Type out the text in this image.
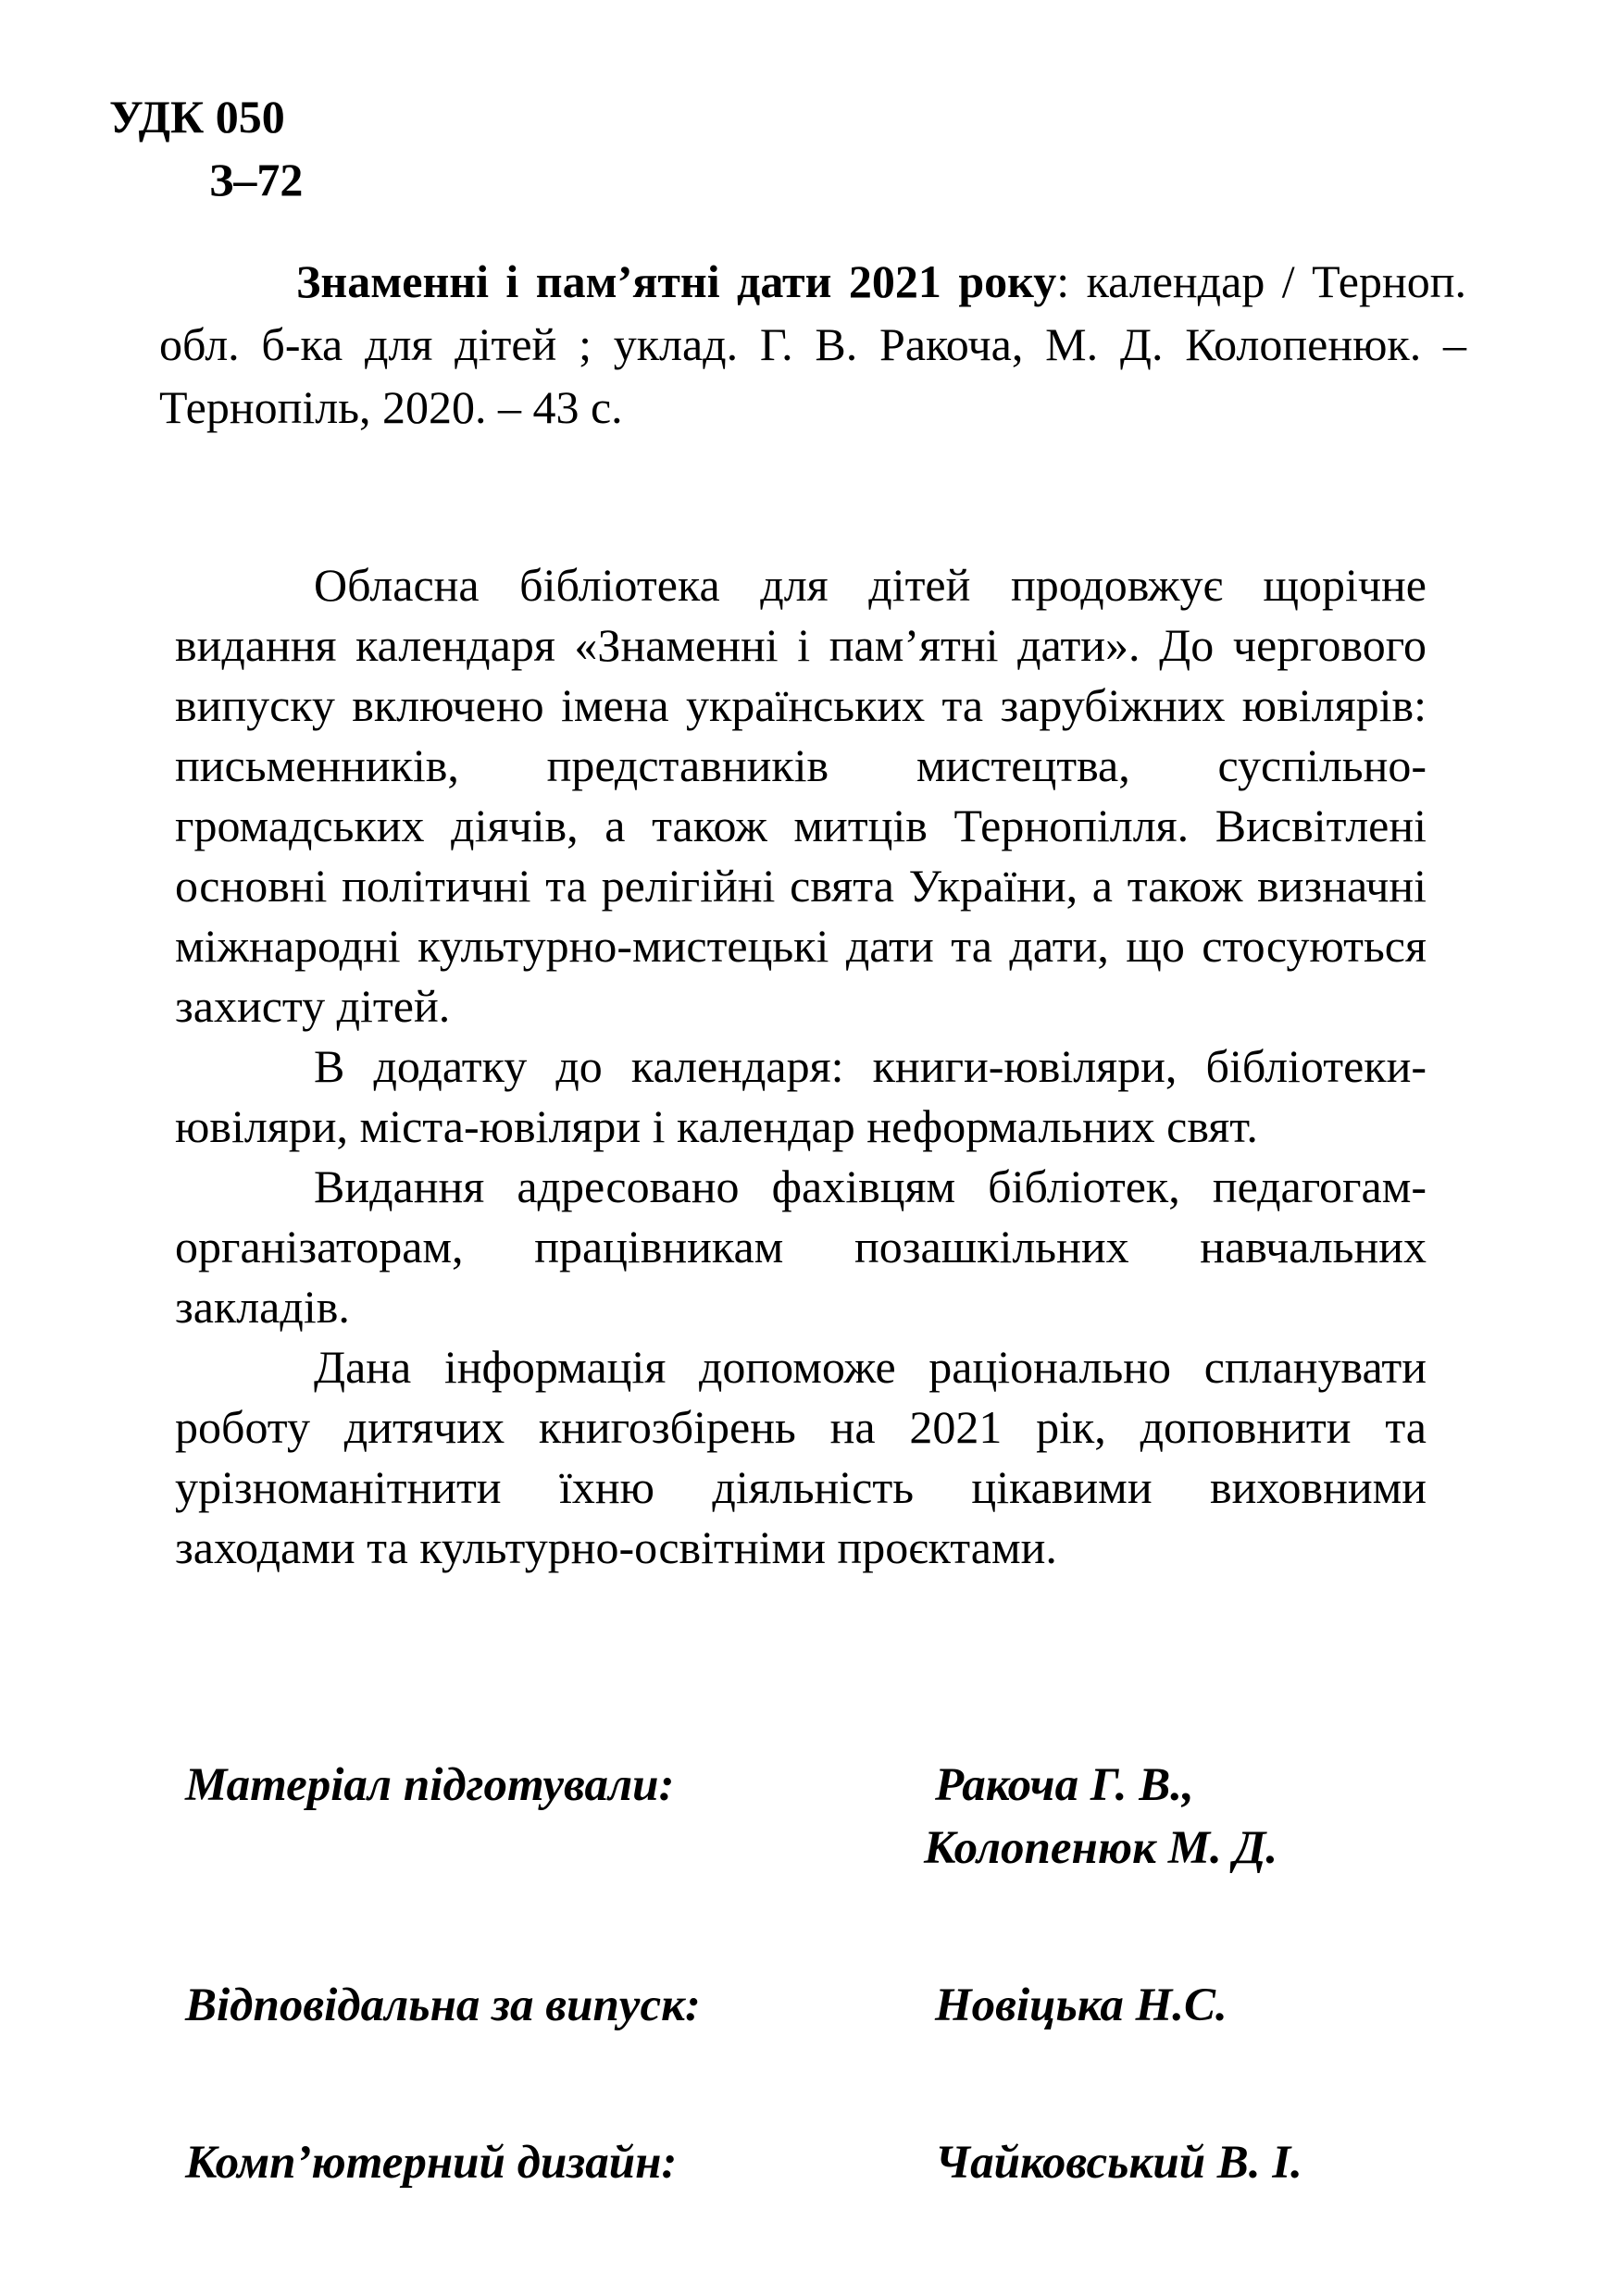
УДК 050
З–72

Знаменні і пам’ятні дати 2021 року: календар / Терноп. обл. б-ка для дітей ; уклад. Г. В. Ракоча, М. Д. Колопенюк. – Тернопіль, 2020. – 43 с.

Обласна бібліотека для дітей продовжує щорічне видання календаря «Знаменні і пам’ятні дати». До чергового випуску включено імена українських та зарубіжних ювілярів: письменників, представників мистецтва, суспільно-громадських діячів, а також митців Тернопілля. Висвітлені основні політичні та релігійні свята України, а також визначні міжнародні культурно-мистецькі дати та дати, що стосуються захисту дітей.

В додатку до календаря: книги-ювіляри, бібліотеки-ювіляри, міста-ювіляри і календар неформальних свят.

Видання адресовано фахівцям бібліотек, педагогам-організаторам, працівникам позашкільних навчальних закладів.

Дана інформація допоможе раціонально спланувати роботу дитячих книгозбірень на 2021 рік, доповнити та урізноманітнити їхню діяльність цікавими виховними заходами та культурно-освітніми проєктами.

Матеріал підготували:	Ракоча Г. В.,
Колопенюк М. Д.
Відповідальна за випуск:	Новіцька Н.С.
Комп’ютерний дизайн:	Чайковський В. І.
